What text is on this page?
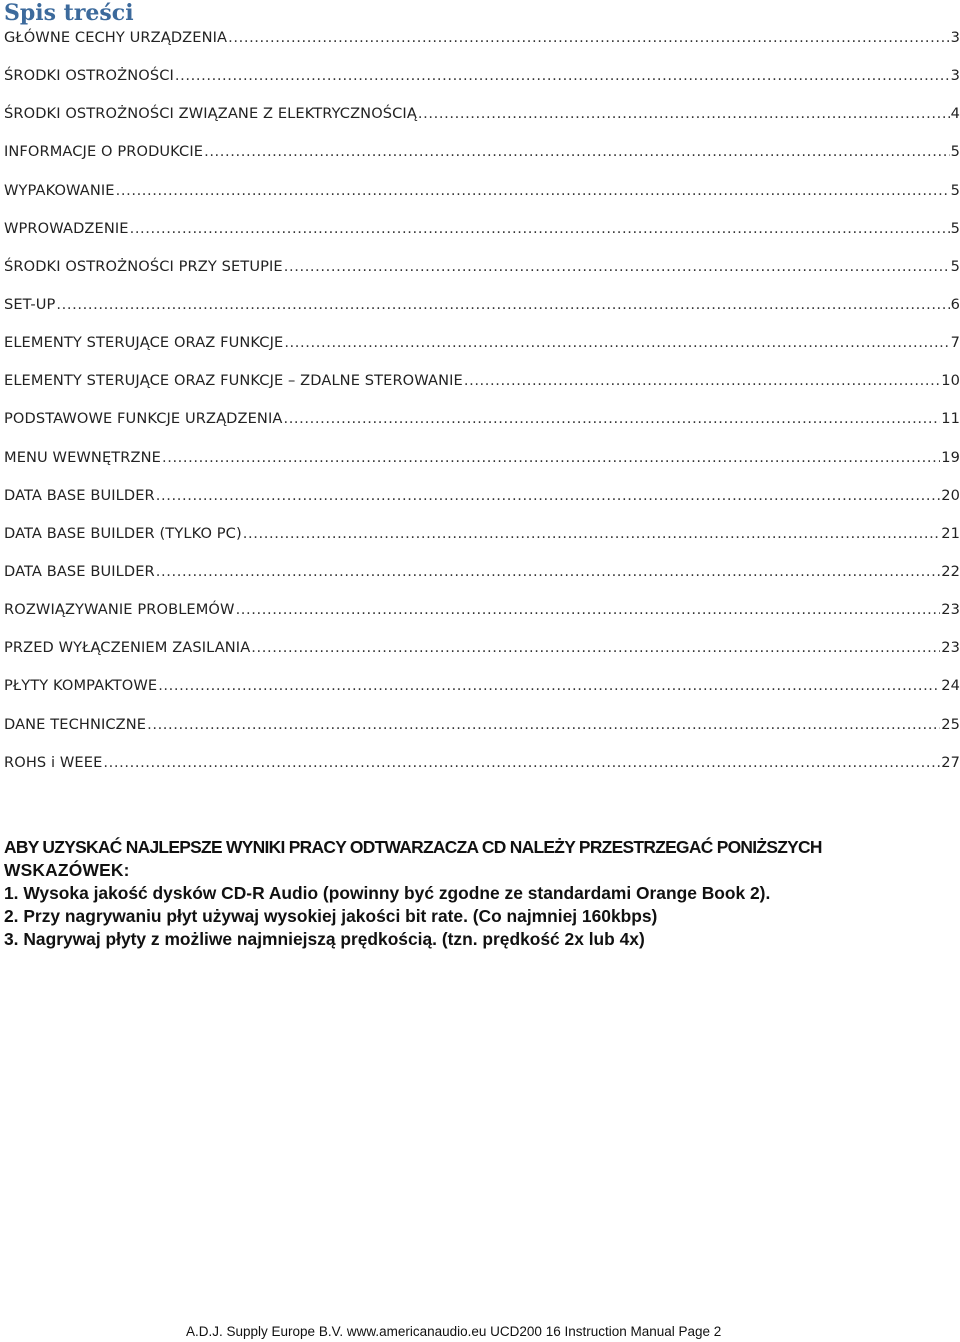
Spis treści
GŁÓWNE CECHY URZĄDZENIA .....	3
ŚRODKI OSTROŻNOŚCI .....	3
ŚRODKI OSTROŻNOŚCI ZWIĄZANE Z ELEKTRYCZNOŚCIĄ .....	4
INFORMACJE O PRODUKCIE .....	5
WYPAKOWANIE .....	5
WPROWADZENIE .....	5
ŚRODKI OSTROŻNOŚCI PRZY SETUPIE .....	5
SET-UP .....	6
ELEMENTY STERUJĄCE ORAZ FUNKCJE .....	7
ELEMENTY STERUJĄCE ORAZ FUNKCJE – ZDALNE STEROWANIE .....	10
PODSTAWOWE FUNKCJE URZĄDZENIA .....	11
MENU WEWNĘTRZNE .....	19
DATA BASE BUILDER .....	20
DATA BASE BUILDER (TYLKO PC) .....	21
DATA BASE BUILDER .....	22
ROZWIĄZYWANIE PROBLEMÓW .....	23
PRZED WYŁĄCZENIEM ZASILANIA .....	23
PŁYTY KOMPAKTOWE .....	24
DANE TECHNICZNE .....	25
ROHS i WEEE .....	27
ABY UZYSKAĆ NAJLEPSZE WYNIKI PRACY ODTWARZACZA CD NALEŻY PRZESTRZEGAĆ PONIŻSZYCH
WSKAZÓWEK:
1. Wysoka jakość dysków CD-R Audio (powinny być zgodne ze standardami Orange Book 2).
2. Przy nagrywaniu płyt używaj wysokiej jakości bit rate. (Co najmniej 160kbps)
3. Nagrywaj płyty z możliwe najmniejszą prędkością. (tzn. prędkość 2x lub 4x)
A.D.J. Supply Europe B.V. www.americanaudio.eu UCD200 16 Instruction Manual Page 2
